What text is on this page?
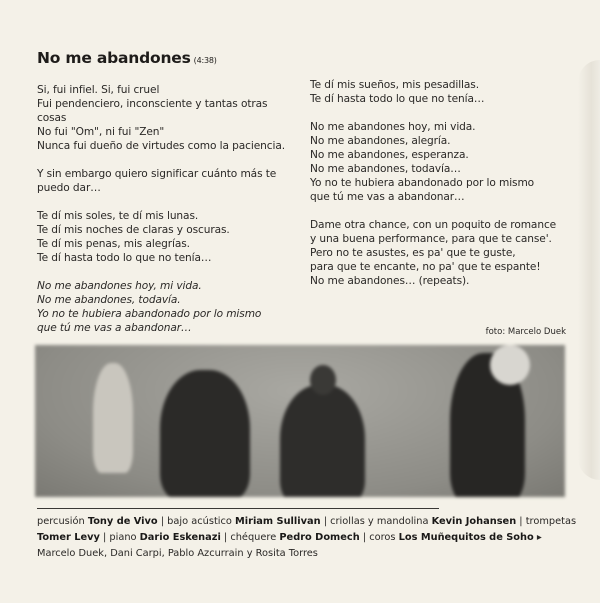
No me abandones (4:38)
Si, fui infiel. Si, fui cruel
Fui pendenciero, inconsciente y tantas otras
cosas
No fui "Om", ni fui "Zen"
Nunca fui dueño de virtudes como la paciencia.
Y sin embargo quiero significar cuánto más te
puedo dar…
Te dí mis soles, te dí mis lunas.
Te dí mis noches de claras y oscuras.
Te dí mis penas, mis alegrías.
Te dí hasta todo lo que no tenía…
No me abandones hoy, mi vida.
No me abandones, todavía.
Yo no te hubiera abandonado por lo mismo
que tú me vas a abandonar…
Te dí mis sueños, mis pesadillas.
Te dí hasta todo lo que no tenía…
No me abandones hoy, mi vida.
No me abandones, alegría.
No me abandones, esperanza.
No me abandones, todavía…
Yo no te hubiera abandonado por lo mismo
que tú me vas a abandonar…
Dame otra chance, con un poquito de romance
y una buena performance, para que te canse'.
Pero no te asustes, es pa' que te guste,
para que te encante, no pa' que te espante!
No me abandones… (repeats).
foto: Marcelo Duek
percusión Tony de Vivo | bajo acústico Miriam Sullivan | criollas y mandolina Kevin Johansen | trompetas Tomer Levy | piano Dario Eskenazi | chéquere Pedro Domech | coros Los Muñequitos de Soho ▸ Marcelo Duek, Dani Carpi, Pablo Azcurrain y Rosita Torres
